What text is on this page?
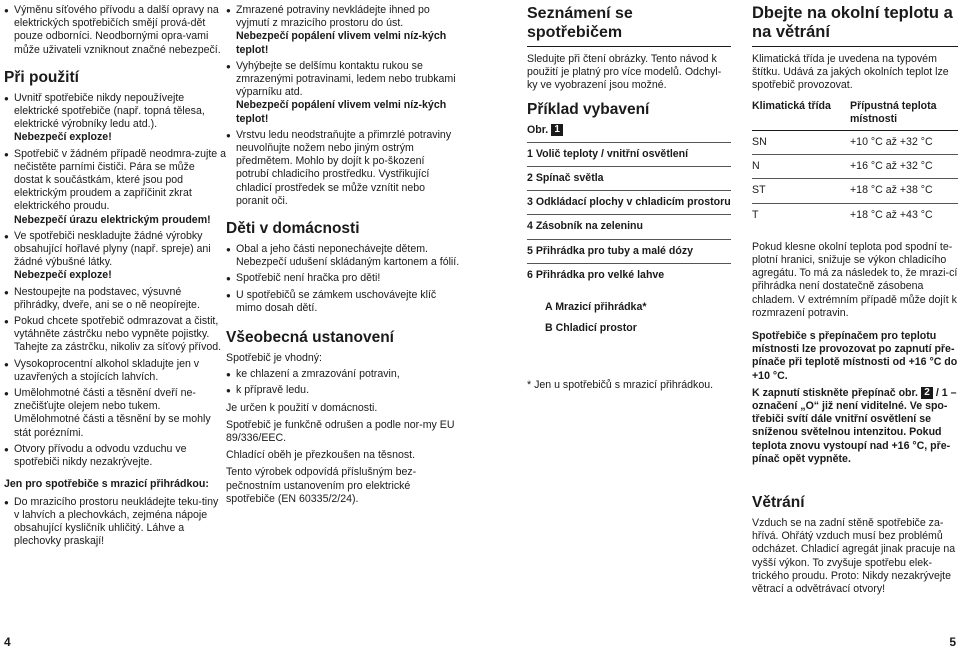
● Výměnu síťového přívodu a další opravy na elektrických spotřebičích smějí prová-dět pouze odborníci. Neodbornými opra-vami může uživateli vzniknout značné nebezpečí.
Při použití
● Uvnitř spotřebiče nikdy nepoužívejte elektrické spotřebiče (např. topná tělesa, elektrické výrobníky ledu atd.).
Nebezpečí exploze!
● Spotřebič v žádném případě neodmra-zujte a nečistěte parními čističi. Pára se může dostat k součástkám, které jsou pod elektrickým proudem a zapříčinit zkrat elektrického proudu.
Nebezpečí úrazu elektrickým proudem!
● Ve spotřebiči neskladujte žádné výrobky obsahující hořlavé plyny (např. spreje) ani žádné výbušné látky.
Nebezpečí exploze!
● Nestoupejte na podstavec, výsuvné přihrádky, dveře, ani se o ně neopírejte.
● Pokud chcete spotřebič odmrazovat a čistit, vytáhněte zástrčku nebo vypněte pojistky. Tahejte za zástrčku, nikoliv za síťový přívod.
● Vysokoprocentní alkohol skladujte jen v uzavřených a stojících lahvích.
● Umělohmotné části a těsnění dveří ne-znečišťujte olejem nebo tukem. Umělohmotné části a těsnění by se mohly stát porézními.
● Otvory přívodu a odvodu vzduchu ve spotřebiči nikdy nezakrývejte.
Jen pro spotřebiče s mrazicí přihrádkou:
● Do mrazicího prostoru neukládejte teku-tiny v lahvích a plechovkách, zejména nápoje obsahující kysličník uhličitý. Láhve a plechovky praskají!
● Zmrazené potraviny nevkládejte ihned po vyjmutí z mrazicího prostoru do úst.
Nebezpečí popálení vlivem velmi níz-kých teplot!
● Vyhýbejte se delšímu kontaktu rukou se zmrazenými potravinami, ledem nebo trubkami výparníku atd.
Nebezpečí popálení vlivem velmi níz-kých teplot!
● Vrstvu ledu neodstraňujte a přimrzlé potraviny neuvolňujte nožem nebo jiným ostrým předmětem. Mohlo by dojít k po-škození potrubí chladicího prostředku. Vystřikující chladicí prostředek se může vznítit nebo poranit oči.
Děti v domácnosti
● Obal a jeho části neponechávejte dětem. Nebezpečí udušení skládaným kartonem a fólií.
● Spotřebič není hračka pro děti!
● U spotřebičů se zámkem uschovávejte klíč mimo dosah dětí.
Všeobecná ustanovení
Spotřebič je vhodný:
● ke chlazení a zmrazování potravin,
● k přípravě ledu.
Je určen k použití v domácnosti.
Spotřebič je funkčně odrušen a podle nor-my EU 89/336/EEC.
Chladící oběh je přezkoušen na těsnost.
Tento výrobek odpovídá příslušným bez-pečnostním ustanovením pro elektrické spotřebiče (EN 60335/2/24).
Seznámení se spotřebičem
Sledujte při čtení obrázky. Tento návod k použití je platný pro více modelů. Odchyl-ky ve vyobrazení jsou možné.
Příklad vybavení
Obr. 1
1 Volič teploty / vnitřní osvětlení
2 Spínač světla
3 Odkládací plochy v chladicím prostoru
4 Zásobník na zeleninu
5 Přihrádka pro tuby a malé dózy
6 Přihrádka pro velké lahve
A Mrazicí přihrádka*
B Chladicí prostor
* Jen u spotřebičů s mrazicí přihrádkou.
Dbejte na okolní teplotu a na větrání
Klimatická třída je uvedena na typovém štítku. Udává za jakých okolních teplot lze spotřebič provozovat.
Klimatická třída	Přípustná teplota místnosti
SN	+10 °C až +32 °C
N	+16 °C až +32 °C
ST	+18 °C až +38 °C
T	+18 °C až +43 °C
Pokud klesne okolní teplota pod spodní te-plotní hranici, snižuje se výkon chladicího agregátu. To má za následek to, že mrazi-cí přihrádka není dostatečně zásobena chladem. V extrémním případě může dojít k rozmrazení potravin.
Spotřebiče s přepínačem pro teplotu místnosti lze provozovat po zapnutí pře-pínače při teplotě místnosti od +16 °C do +10 °C.
K zapnutí stiskněte přepínač obr. 2 / 1 – označení „O“ již není viditelné. Ve spo-třebiči svítí dále vnitřní osvětlení se sníženou světelnou intenzitou. Pokud teplota znovu vystoupí nad +16 °C, pře-pínač opět vypněte.
Větrání
Vzduch se na zadní stěně spotřebiče za-hřívá. Ohřátý vzduch musí bez problémů odcházet. Chladicí agregát jinak pracuje na vyšší výkon. To zvyšuje spotřebu elek-trického proudu. Proto: Nikdy nezakrývejte větrací a odvětrávací otvory!
4	5
